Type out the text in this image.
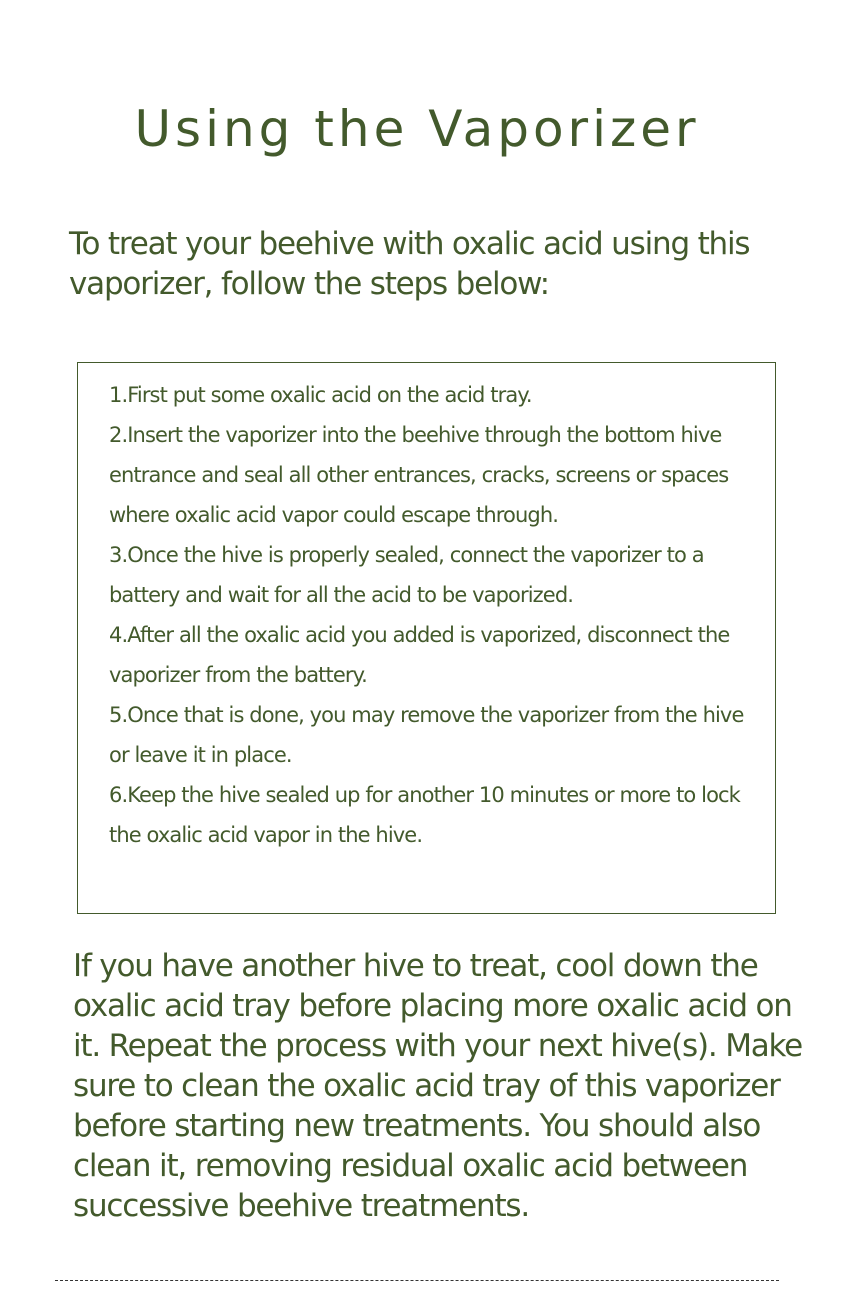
Using the Vaporizer

To treat your beehive with oxalic acid using this vaporizer, follow the steps below:

1.First put some oxalic acid on the acid tray.

2.Insert the vaporizer into the beehive through the bottom hive entrance and seal all other entrances, cracks, screens or spaces where oxalic acid vapor could escape through.

3.Once the hive is properly sealed, connect the vaporizer to a battery and wait for all the acid to be vaporized.

4.After all the oxalic acid you added is vaporized, disconnect the vaporizer from the battery.

5.Once that is done, you may remove the vaporizer from the hive or leave it in place.

6.Keep the hive sealed up for another 10 minutes or more to lock the oxalic acid vapor in the hive.

If you have another hive to treat, cool down the oxalic acid tray before placing more oxalic acid on it. Repeat the process with your next hive(s). Make sure to clean the oxalic acid tray of this vaporizer before starting new treatments. You should also clean it, removing residual oxalic acid between successive beehive treatments.
